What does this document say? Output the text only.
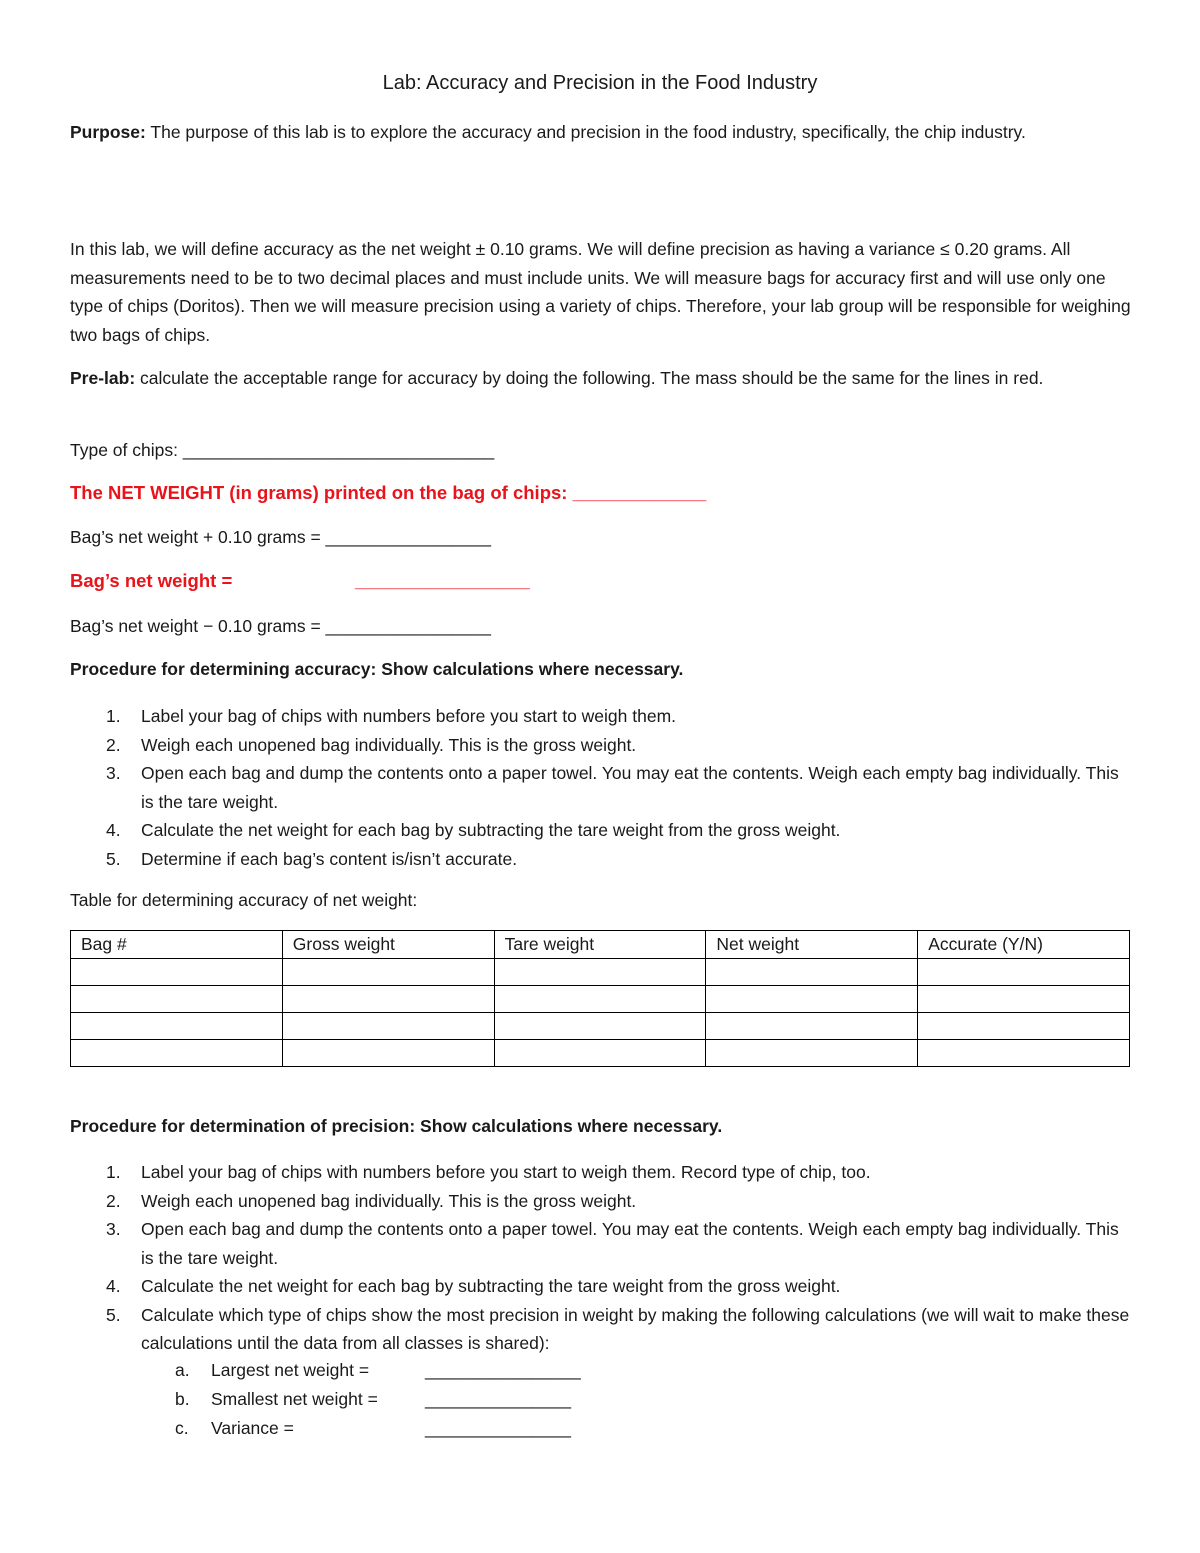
Lab: Accuracy and Precision in the Food Industry
Purpose: The purpose of this lab is to explore the accuracy and precision in the food industry, specifically, the chip industry.
In this lab, we will define accuracy as the net weight ± 0.10 grams. We will define precision as having a variance ≤ 0.20 grams. All measurements need to be to two decimal places and must include units. We will measure bags for accuracy first and will use only one type of chips (Doritos). Then we will measure precision using a variety of chips. Therefore, your lab group will be responsible for weighing two bags of chips.
Pre-lab: calculate the acceptable range for accuracy by doing the following. The mass should be the same for the lines in red.
Type of chips: ________________________________
The NET WEIGHT (in grams) printed on the bag of chips: _____________
Bag’s net weight + 0.10 grams = _________________
Bag’s net weight =	_________________
Bag’s net weight − 0.10 grams = _________________
Procedure for determining accuracy: Show calculations where necessary.
1. Label your bag of chips with numbers before you start to weigh them.
2. Weigh each unopened bag individually. This is the gross weight.
3. Open each bag and dump the contents onto a paper towel. You may eat the contents. Weigh each empty bag individually. This is the tare weight.
4. Calculate the net weight for each bag by subtracting the tare weight from the gross weight.
5. Determine if each bag’s content is/isn’t accurate.
Table for determining accuracy of net weight:
Bag #	Gross weight	Tare weight	Net weight	Accurate (Y/N)

Procedure for determination of precision: Show calculations where necessary.
1. Label your bag of chips with numbers before you start to weigh them. Record type of chip, too.
2. Weigh each unopened bag individually. This is the gross weight.
3. Open each bag and dump the contents onto a paper towel. You may eat the contents. Weigh each empty bag individually. This is the tare weight.
4. Calculate the net weight for each bag by subtracting the tare weight from the gross weight.
5. Calculate which type of chips show the most precision in weight by making the following calculations (we will wait to make these calculations until the data from all classes is shared):
a. Largest net weight =	________________
b. Smallest net weight =	_______________
c. Variance =	_______________
